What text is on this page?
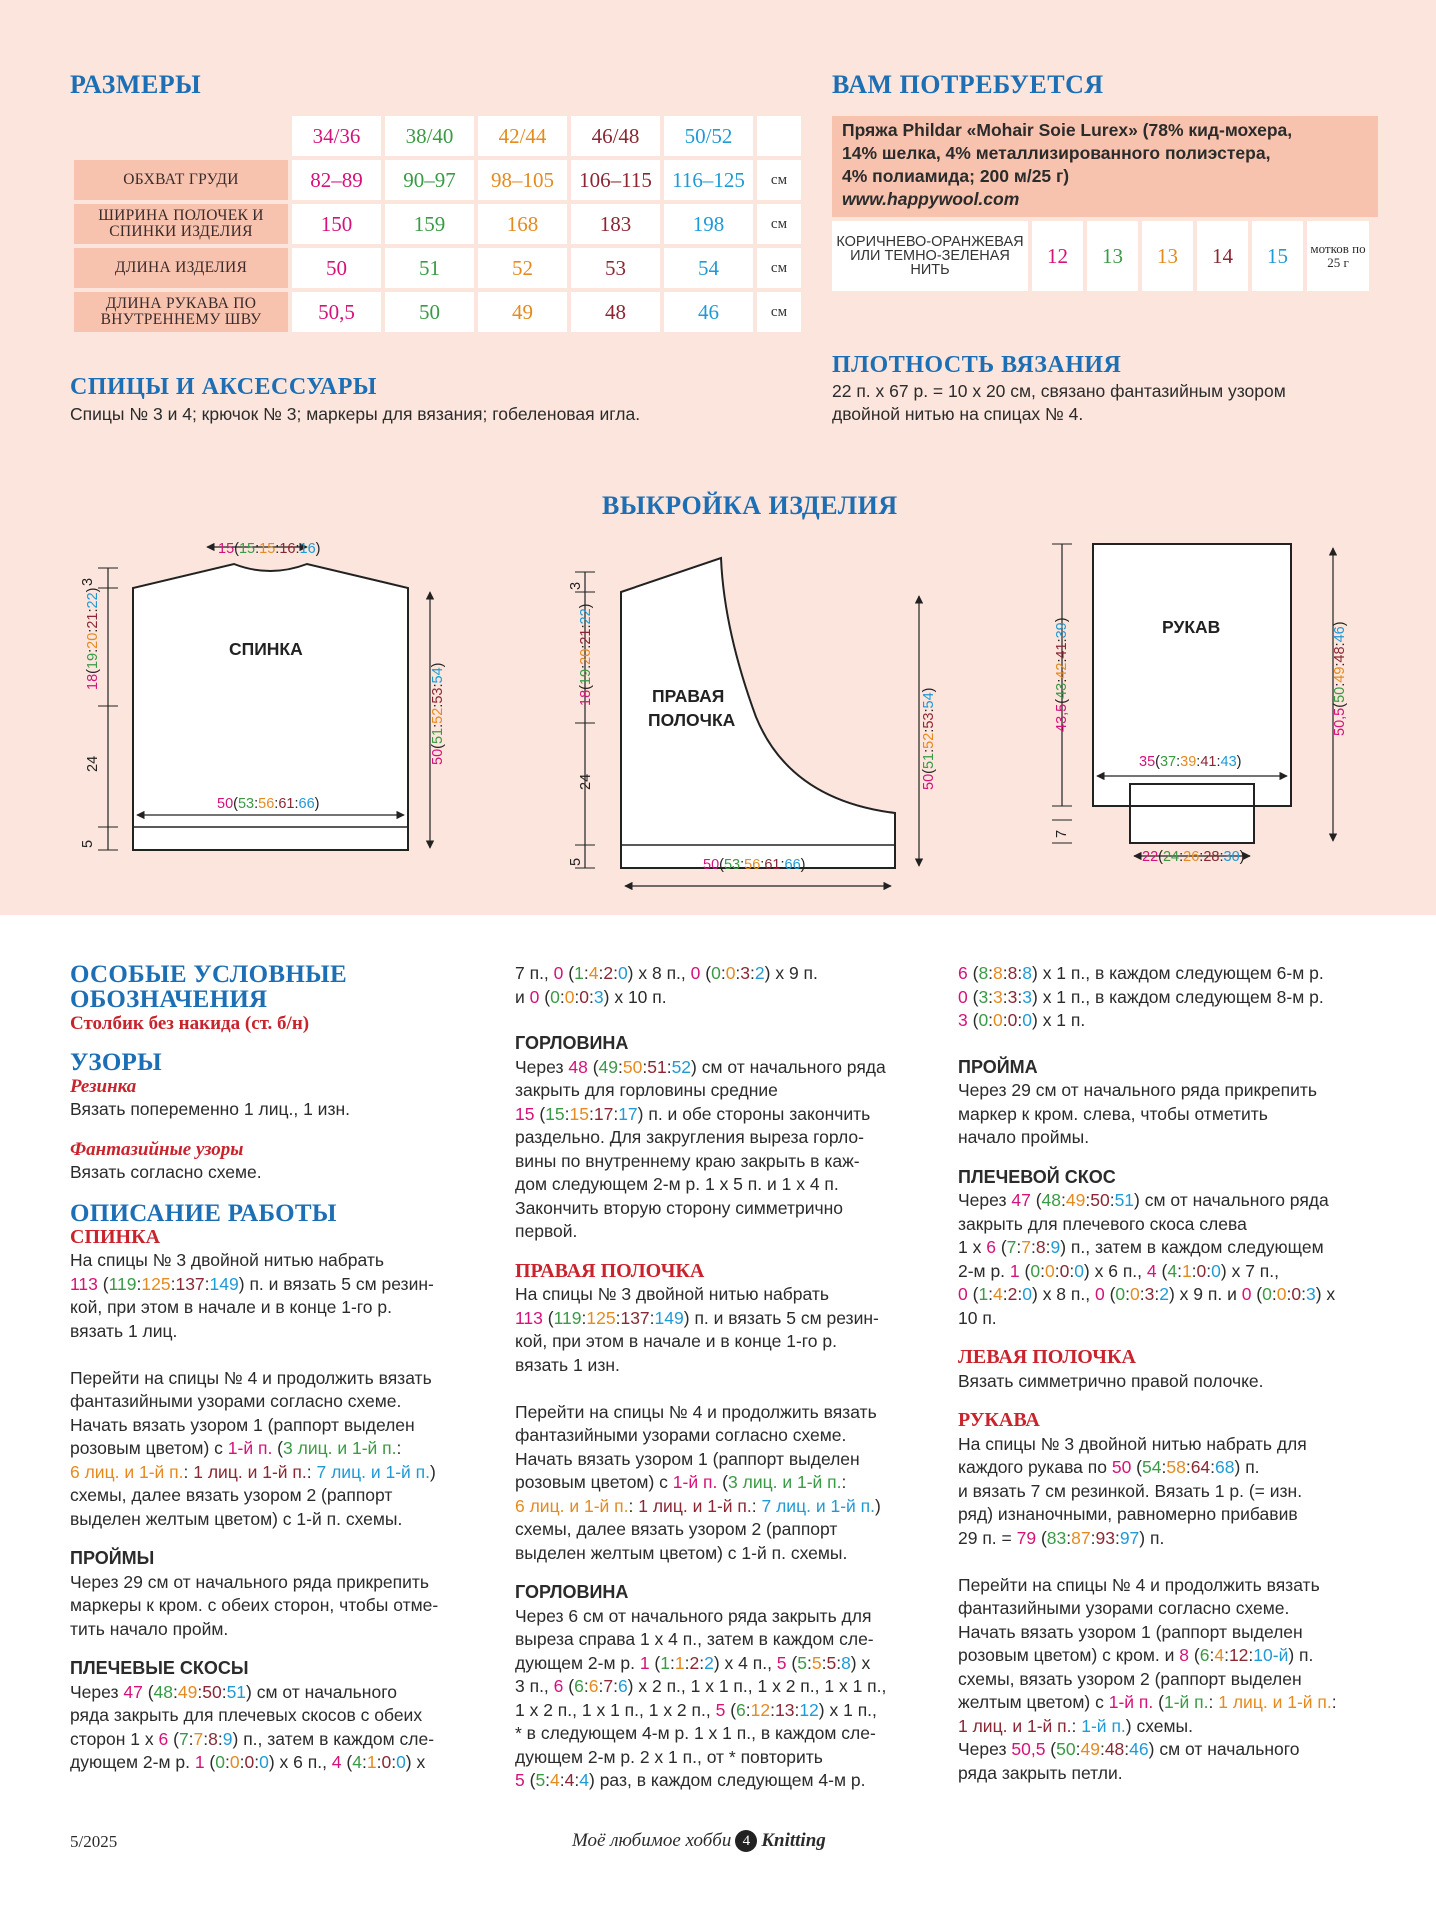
РАЗМЕРЫ
	34/36	38/40	42/44	46/48	50/52	
ОБХВАТ ГРУДИ	82–89	90–97	98–105	106–115	116–125	см
ШИРИНА ПОЛОЧЕК И СПИНКИ ИЗДЕЛИЯ	150	159	168	183	198	см
ДЛИНА ИЗДЕЛИЯ	50	51	52	53	54	см
ДЛИНА РУКАВА ПО ВНУТРЕННЕМУ ШВУ	50,5	50	49	48	46	см
ВАМ ПОТРЕБУЕТСЯ
Пряжа Phildar «Mohair Soie Lurex» (78% кид-мохера,
14% шелка, 4% металлизированного полиэстера,
4% полиамида; 200 м/25 г)
www.happywool.com
КОРИЧНЕВО-ОРАНЖЕВАЯ ИЛИ ТЕМНО-ЗЕЛЕНАЯ НИТЬ	12	13	13	14	15	мотков по 25 г
СПИЦЫ И АКСЕССУАРЫ
Спицы № 3 и 4; крючок № 3; маркеры для вязания; гобеленовая игла.
ПЛОТНОСТЬ ВЯЗАНИЯ
22 п. х 67 р. = 10 х 20 см, связано фантазийным узором
двойной нитью на спицах № 4.
ВЫКРОЙКА ИЗДЕЛИЯ
СПИНКА
15(15:15:16:16)
50(53:56:61:66)
3
18(19:20:21:22)
24
5
50(51:52:53:54)
ПРАВАЯ
ПОЛОЧКА
3
18(19:20:21:22)
24
5	50(53:56:61:66)
50(51:52:53:54)
РУКАВ
35(37:39:41:43)
22(24:26:28:30)
43,5(43:42:41:39)
7
50,5(50:49:48:46)

ОСОБЫЕ УСЛОВНЫЕ

ОБОЗНАЧЕНИЯ

Столбик без накида (ст. б/н)

УЗОРЫ

Резинка

Вязать попеременно 1 лиц., 1 изн.

Фантазийные узоры

Вязать согласно схеме.

ОПИСАНИЕ РАБОТЫ

СПИНКА

На спицы № 3 двойной нитью набрать

113 (119:125:137:149) п. и вязать 5 см резин-

кой, при этом в начале и в конце 1-го р.

вязать 1 лиц.

Перейти на спицы № 4 и продолжить вязать

фантазийными узорами согласно схеме.

Начать вязать узором 1 (раппорт выделен

розовым цветом) с 1-й п. (3 лиц. и 1-й п.:

6 лиц. и 1-й п.: 1 лиц. и 1-й п.: 7 лиц. и 1-й п.)

схемы, далее вязать узором 2 (раппорт

выделен желтым цветом) с 1-й п. схемы.

ПРОЙМЫ

Через 29 см от начального ряда прикрепить

маркеры к кром. с обеих сторон, чтобы отме-

тить начало пройм.

ПЛЕЧЕВЫЕ СКОСЫ

Через 47 (48:49:50:51) см от начального

ряда закрыть для плечевых скосов с обеих

сторон 1 х 6 (7:7:8:9) п., затем в каждом сле-

дующем 2-м р. 1 (0:0:0:0) х 6 п., 4 (4:1:0:0) х

7 п., 0 (1:4:2:0) х 8 п., 0 (0:0:3:2) х 9 п.

и 0 (0:0:0:3) х 10 п.

ГОРЛОВИНА

Через 48 (49:50:51:52) см от начального ряда

закрыть для горловины средние

15 (15:15:17:17) п. и обе стороны закончить

раздельно. Для закругления выреза горло-

вины по внутреннему краю закрыть в каж-

дом следующем 2-м р. 1 х 5 п. и 1 х 4 п.

Закончить вторую сторону симметрично

первой.

ПРАВАЯ ПОЛОЧКА

На спицы № 3 двойной нитью набрать

113 (119:125:137:149) п. и вязать 5 см резин-

кой, при этом в начале и в конце 1-го р.

вязать 1 изн.

Перейти на спицы № 4 и продолжить вязать

фантазийными узорами согласно схеме.

Начать вязать узором 1 (раппорт выделен

розовым цветом) с 1-й п. (3 лиц. и 1-й п.:

6 лиц. и 1-й п.: 1 лиц. и 1-й п.: 7 лиц. и 1-й п.)

схемы, далее вязать узором 2 (раппорт

выделен желтым цветом) с 1-й п. схемы.

ГОРЛОВИНА

Через 6 см от начального ряда закрыть для

выреза справа 1 х 4 п., затем в каждом сле-

дующем 2-м р. 1 (1:1:2:2) х 4 п., 5 (5:5:5:8) х

3 п., 6 (6:6:7:6) х 2 п., 1 х 1 п., 1 х 2 п., 1 х 1 п.,

1 х 2 п., 1 х 1 п., 1 х 2 п., 5 (6:12:13:12) х 1 п.,

* в следующем 4-м р. 1 х 1 п., в каждом сле-

дующем 2-м р. 2 х 1 п., от * повторить

5 (5:4:4:4) раз, в каждом следующем 4-м р.

6 (8:8:8:8) х 1 п., в каждом следующем 6-м р.

0 (3:3:3:3) х 1 п., в каждом следующем 8-м р.

3 (0:0:0:0) х 1 п.

ПРОЙМА

Через 29 см от начального ряда прикрепить

маркер к кром. слева, чтобы отметить

начало проймы.

ПЛЕЧЕВОЙ СКОС

Через 47 (48:49:50:51) см от начального ряда

закрыть для плечевого скоса слева

1 х 6 (7:7:8:9) п., затем в каждом следующем

2-м р. 1 (0:0:0:0) х 6 п., 4 (4:1:0:0) х 7 п.,

0 (1:4:2:0) х 8 п., 0 (0:0:3:2) х 9 п. и 0 (0:0:0:3) х

10 п.

ЛЕВАЯ ПОЛОЧКА

Вязать симметрично правой полочке.

РУКАВА

На спицы № 3 двойной нитью набрать для

каждого рукава по 50 (54:58:64:68) п.

и вязать 7 см резинкой. Вязать 1 р. (= изн.

ряд) изнаночными, равномерно прибавив

29 п. = 79 (83:87:93:97) п.

Перейти на спицы № 4 и продолжить вязать

фантазийными узорами согласно схеме.

Начать вязать узором 1 (раппорт выделен

розовым цветом) с кром. и 8 (6:4:12:10-й) п.

схемы, вязать узором 2 (раппорт выделен

желтым цветом) с 1-й п. (1-й п.: 1 лиц. и 1-й п.:

1 лиц. и 1-й п.: 1-й п.) схемы.

Через 50,5 (50:49:48:46) см от начального

ряда закрыть петли.

5/2025	Моё любимое хобби 4 Knitting
